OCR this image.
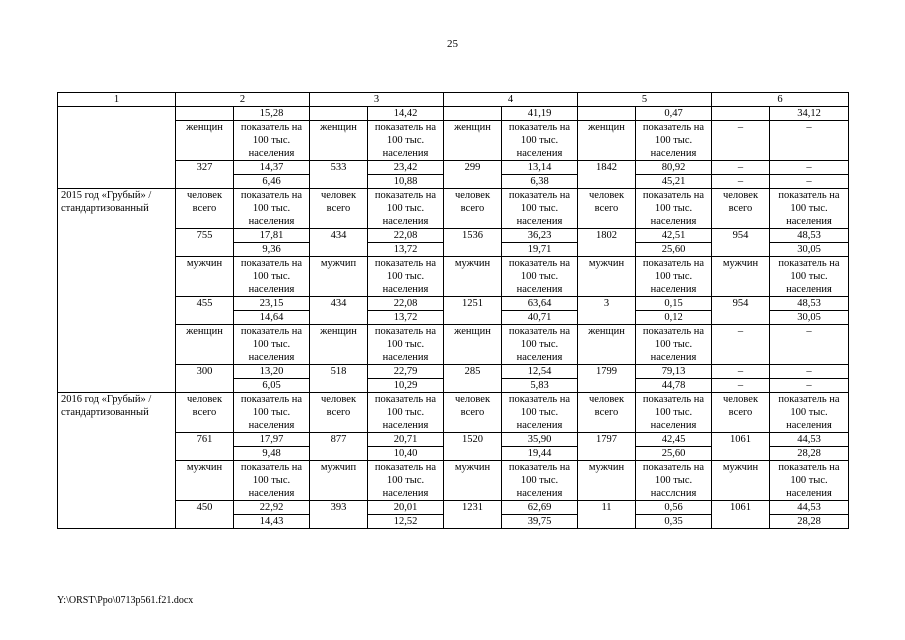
25
1	2		3		4		5		6	
		15,28		14,42		41,19		0,47		34,12
	женщин	показатель на 100 тыс. населения	женщин	показатель на 100 тыс. населения	женщин	показатель на 100 тыс. населения	женщин	показатель на 100 тыс. населения	–	–

	327	14,37	533	23,42	299	13,14	1842	80,92	–	–
		6,46		10,88		6,38		45,21	–	–
2015 год «Грубый» / стандартизованный	человек всего	показатель на 100 тыс. населения	человек всего	показатель на 100 тыс. населения	человек всего	показатель на 100 тыс. населения	человек всего	показатель на 100 тыс. населения	человек всего	показатель на 100 тыс. населения

	755	17,81	434	22,08	1536	36,23	1802	42,51	954	48,53
		9,36		13,72		19,71		25,60		30,05
	мужчин	показатель на 100 тыс. населения	мужчип	показатель на 100 тыс. населения	мужчин	показатель на 100 тыс. населения	мужчин	показатель на 100 тыс. населения	мужчин	показатель на 100 тыс. населения

	455	23,15	434	22,08	1251	63,64	3	0,15	954	48,53
		14,64		13,72		40,71		0,12		30,05
	женщин	показатель на 100 тыс. населения	женщин	показатель на 100 тыс. населения	женщин	показатель на 100 тыс. населения	женщин	показатель на 100 тыс. населения	–	–

	300	13,20	518	22,79	285	12,54	1799	79,13	–	–
		6,05		10,29		5,83		44,78	–	–
2016 год «Грубый» / стандартизованный	человек всего	показатель на 100 тыс. населения	человек всего	показатель на 100 тыс. населения	человек всего	показатель на 100 тыс. населения	человек всего	показатель на 100 тыс. населения	человек всего	показатель на 100 тыс. населения

	761	17,97	877	20,71	1520	35,90	1797	42,45	1061	44,53
		9,48		10,40		19,44		25,60		28,28
	мужчин	показатель на 100 тыс. населения	мужчип	показатель на 100 тыс. населения	мужчин	показатель на 100 тыс. населения	мужчин	показатель на 100 тыс. насслсния	мужчин	показатель на 100 тыс. населения

	450	22,92	393	20,01	1231	62,69	11	0,56	1061	44,53
		14,43		12,52		39,75		0,35		28,28
Y:\ORST\Ppo\0713p561.f21.docx
